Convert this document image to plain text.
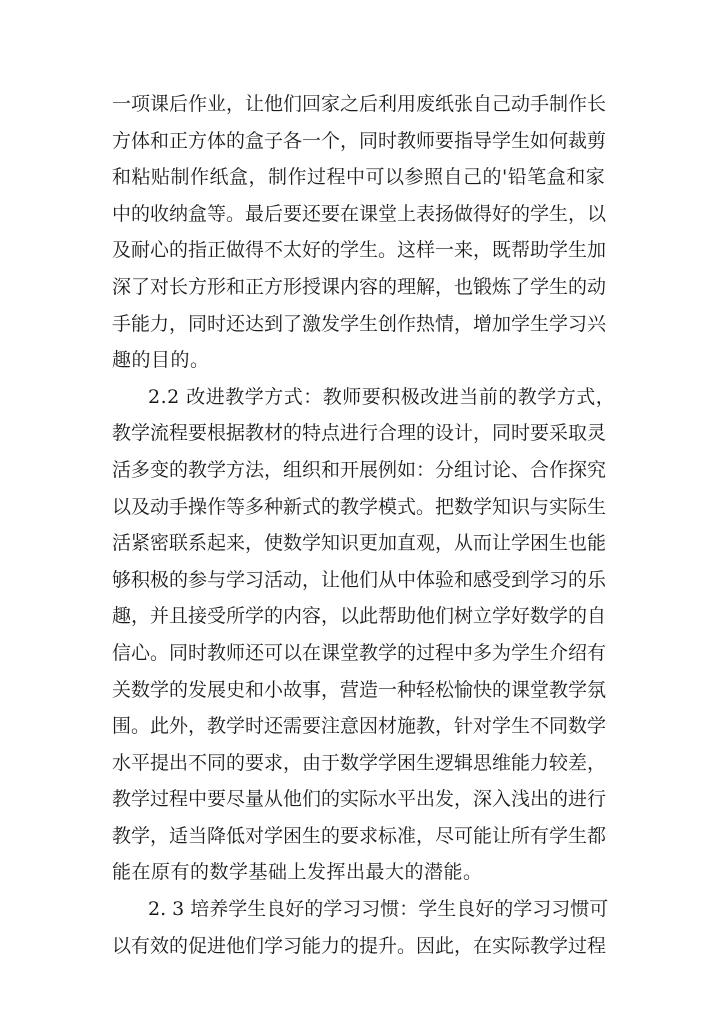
一项课后作业，让他们回家之后利用废纸张自己动手制作长
方体和正方体的盒子各一个，同时教师要指导学生如何裁剪
和粘贴制作纸盒，制作过程中可以参照自己的'铅笔盒和家
中的收纳盒等。最后要还要在课堂上表扬做得好的学生，以
及耐心的指正做得不太好的学生。这样一来，既帮助学生加
深了对长方形和正方形授课内容的理解，也锻炼了学生的动
手能力，同时还达到了激发学生创作热情，增加学生学习兴
趣的目的。
2.2 改进教学方式：教师要积极改进当前的教学方式，
教学流程要根据教材的特点进行合理的设计，同时要采取灵
活多变的教学方法，组织和开展例如：分组讨论、合作探究
以及动手操作等多种新式的教学模式。把数学知识与实际生
活紧密联系起来，使数学知识更加直观，从而让学困生也能
够积极的参与学习活动，让他们从中体验和感受到学习的乐
趣，并且接受所学的内容，以此帮助他们树立学好数学的自
信心。同时教师还可以在课堂教学的过程中多为学生介绍有
关数学的发展史和小故事，营造一种轻松愉快的课堂教学氛
围。此外，教学时还需要注意因材施教，针对学生不同数学
水平提出不同的要求，由于数学学困生逻辑思维能力较差，
教学过程中要尽量从他们的实际水平出发，深入浅出的进行
教学，适当降低对学困生的要求标准，尽可能让所有学生都
能在原有的数学基础上发挥出最大的潜能。
2. 3 培养学生良好的学习习惯：学生良好的学习习惯可
以有效的促进他们学习能力的提升。因此，在实际教学过程
